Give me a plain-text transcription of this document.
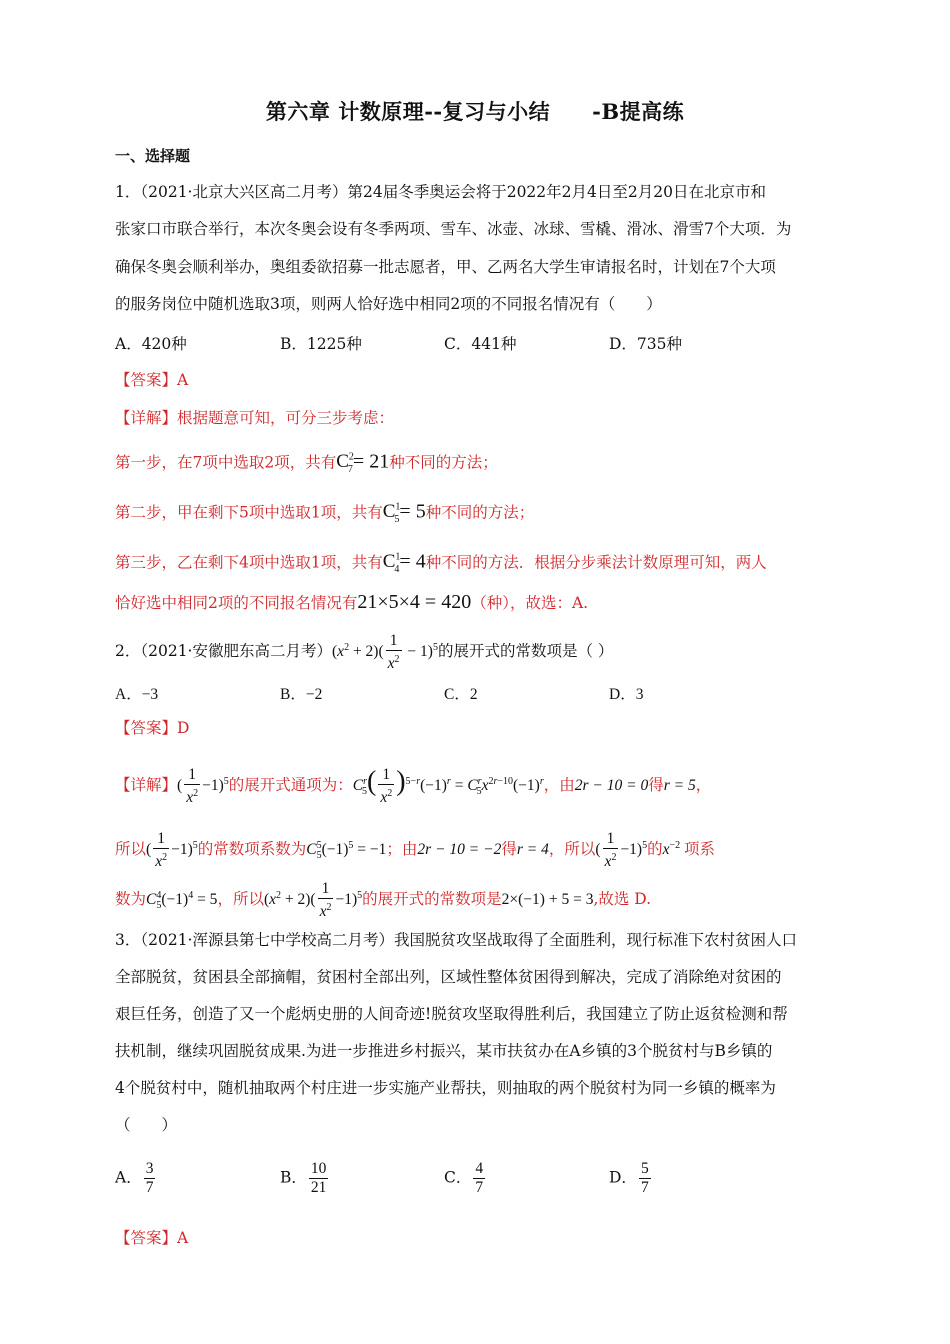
第六章 计数原理--复习与小结 -B提高练
一、选择题
1．（2021·北京大兴区高二月考）第24届冬季奥运会将于2022年2月4日至2月20日在北京市和
张家口市联合举行，本次冬奥会设有冬季两项、雪车、冰壶、冰球、雪橇、滑冰、滑雪7个大项．为
确保冬奥会顺利举办，奥组委欲招募一批志愿者，甲、乙两名大学生审请报名时，计划在7个大项
的服务岗位中随机选取3项，则两人恰好选中相同2项的不同报名情况有（　　）
A．420种	B．1225种	C．441种	D．735种
【答案】A
【详解】根据题意可知，可分三步考虑：
第一步，在7项中选取2项，共有$C^2_7= 21$种不同的方法；
第二步，甲在剩下5项中选取1项，共有$C^1_5= 5$种不同的方法；
第三步，乙在剩下4项中选取1项，共有$C^1_4= 4$种不同的方法．根据分步乘法计数原理可知，两人
恰好选中相同2项的不同报名情况有21×5×4 = 420（种），故选：A.
2．（2021·安徽肥东高二月考）$(x^2 + 2)( \frac{1}{x^2} - 1)^5$的展开式的常数项是（ ）
A．−3	B．−2	C．2	D．3
【答案】D
【详解】( $\frac{1}{x^2} -1)^5$的展开式通项为：$C^r_5( \frac{1}{x^2} )^{5-r}(-1)^r = C^r_5x^{2r-10}(-1)^r$，由2r − 10 = 0得r = 5，
所以( $\frac{1}{x^2} -1)^5$的常数项系数为$C^5_5(-1)^5 = -1$；由2r − 10 = −2得r = 4，所以( $\frac{1}{x^2} -1)^5$的$x^{-2}$ 项系
数为$C^4_5(-1)^4 = 5$，所以$(x^2 + 2)( \frac{1}{x^2} -1)^5$的展开式的常数项是2×(−1) + 5 = 3,故选 D.
3．（2021·浑源县第七中学校高二月考）我国脱贫攻坚战取得了全面胜利，现行标准下农村贫困人口
全部脱贫，贫困县全部摘帽，贫困村全部出列，区域性整体贫困得到解决，完成了消除绝对贫困的
艰巨任务，创造了又一个彪炳史册的人间奇迹!脱贫攻坚取得胜利后，我国建立了防止返贫检测和帮
扶机制，继续巩固脱贫成果.为进一步推进乡村振兴，某市扶贫办在A乡镇的3个脱贫村与B乡镇的
4个脱贫村中，随机抽取两个村庄进一步实施产业帮扶，则抽取的两个脱贫村为同一乡镇的概率为
（　　）
A． $\frac{3}{7}$	B． $\frac{10}{21}$	C． $\frac{4}{7}$	D． $\frac{5}{7}$
【答案】A
